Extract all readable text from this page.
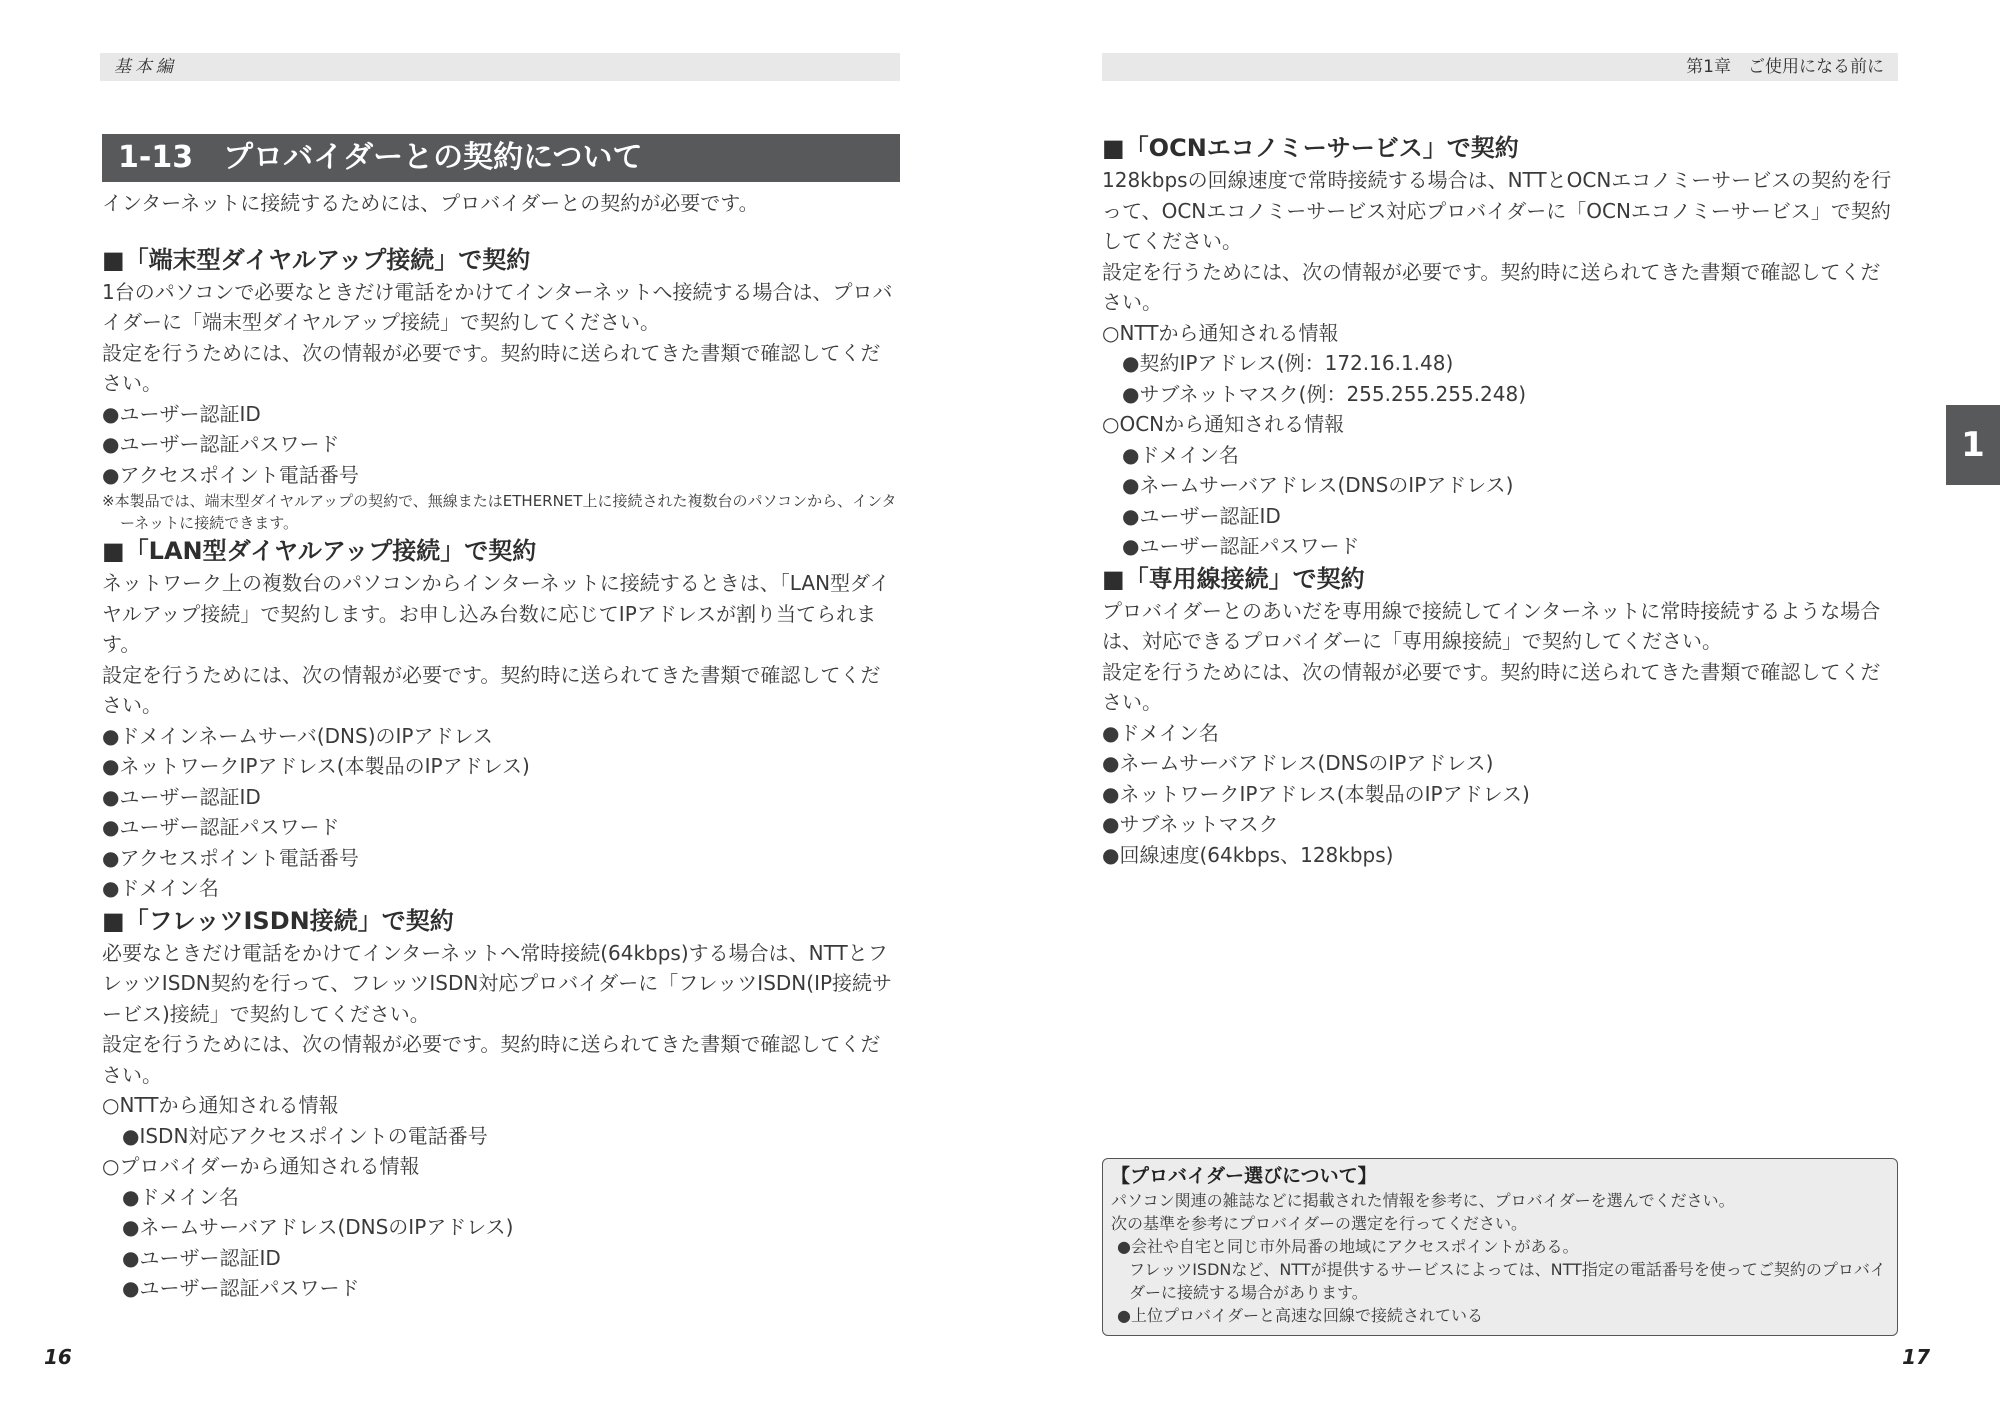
基本編
1-13　プロバイダーとの契約について

インターネットに接続するためには、プロバイダーとの契約が必要です。

■「端末型ダイヤルアップ接続」で契約

1台のパソコンで必要なときだけ電話をかけてインターネットへ接続する場合は、プロバイダーに「端末型ダイヤルアップ接続」で契約してください。

設定を行うためには、次の情報が必要です。契約時に送られてきた書類で確認してください。

●ユーザー認証ID

●ユーザー認証パスワード

●アクセスポイント電話番号

※本製品では、端末型ダイヤルアップの契約で、無線またはETHERNET上に接続された複数台のパソコンから、インターネットに接続できます。

■「LAN型ダイヤルアップ接続」で契約

ネットワーク上の複数台のパソコンからインターネットに接続するときは、「LAN型ダイヤルアップ接続」で契約します。お申し込み台数に応じてIPアドレスが割り当てられます。

設定を行うためには、次の情報が必要です。契約時に送られてきた書類で確認してください。

●ドメインネームサーバ(DNS)のIPアドレス

●ネットワークIPアドレス(本製品のIPアドレス)

●ユーザー認証ID

●ユーザー認証パスワード

●アクセスポイント電話番号

●ドメイン名

■「フレッツISDN接続」で契約

必要なときだけ電話をかけてインターネットへ常時接続(64kbps)する場合は、NTTとフレッツISDN契約を行って、フレッツISDN対応プロバイダーに「フレッツISDN(IP接続サービス)接続」で契約してください。

設定を行うためには、次の情報が必要です。契約時に送られてきた書類で確認してください。

○NTTから通知される情報

●ISDN対応アクセスポイントの電話番号

○プロバイダーから通知される情報

●ドメイン名

●ネームサーバアドレス(DNSのIPアドレス)

●ユーザー認証ID

●ユーザー認証パスワード

16
第1章　ご使用になる前に

■「OCNエコノミーサービス」で契約

128kbpsの回線速度で常時接続する場合は、NTTとOCNエコノミーサービスの契約を行って、OCNエコノミーサービス対応プロバイダーに「OCNエコノミーサービス」で契約してください。

設定を行うためには、次の情報が必要です。契約時に送られてきた書類で確認してください。

○NTTから通知される情報

●契約IPアドレス(例：172.16.1.48)

●サブネットマスク(例：255.255.255.248)

○OCNから通知される情報

●ドメイン名

●ネームサーバアドレス(DNSのIPアドレス)

●ユーザー認証ID

●ユーザー認証パスワード

■「専用線接続」で契約

プロバイダーとのあいだを専用線で接続してインターネットに常時接続するような場合は、対応できるプロバイダーに「専用線接続」で契約してください。

設定を行うためには、次の情報が必要です。契約時に送られてきた書類で確認してください。

●ドメイン名

●ネームサーバアドレス(DNSのIPアドレス)

●ネットワークIPアドレス(本製品のIPアドレス)

●サブネットマスク

●回線速度(64kbps、128kbps)

1

【プロバイダー選びについて】

パソコン関連の雑誌などに掲載された情報を参考に、プロバイダーを選んでください。

次の基準を参考にプロバイダーの選定を行ってください。

●会社や自宅と同じ市外局番の地域にアクセスポイントがある。

フレッツISDNなど、NTTが提供するサービスによっては、NTT指定の電話番号を使ってご契約のプロバイダーに接続する場合があります。

●上位プロバイダーと高速な回線で接続されている

17
